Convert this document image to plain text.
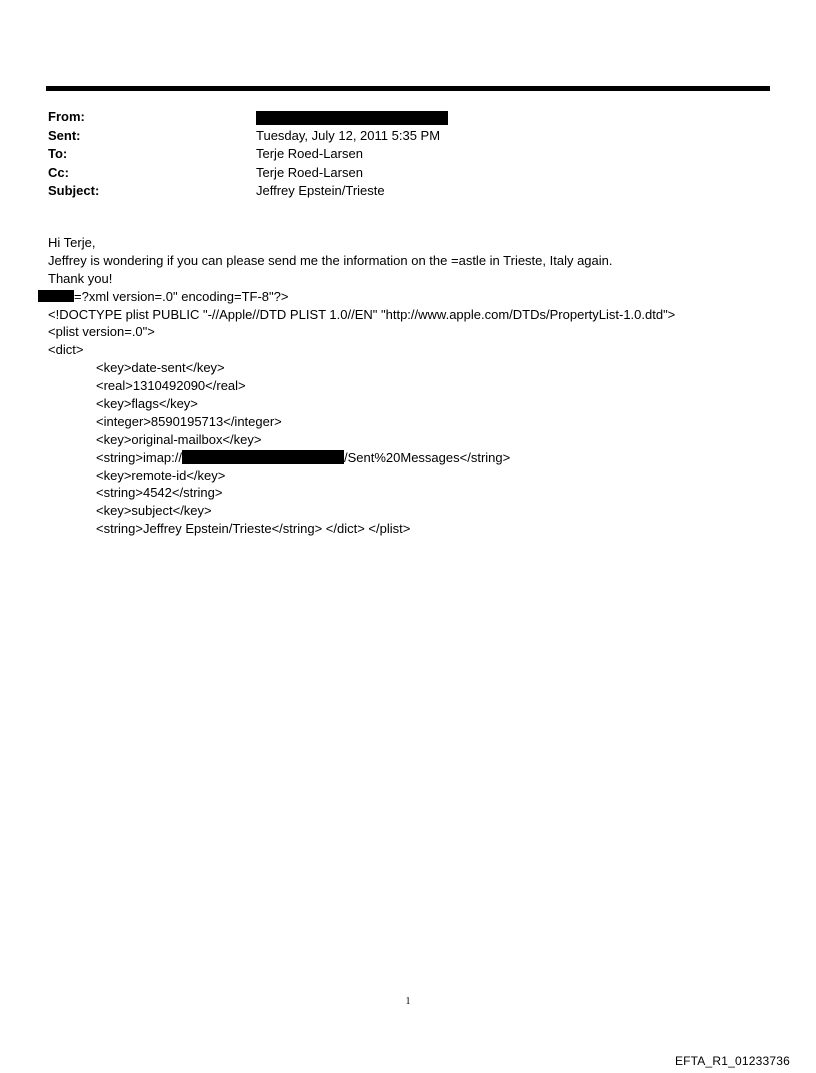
From:
Sent:	Tuesday, July 12, 2011 5:35 PM
To:	Terje Roed-Larsen
Cc:	Terje Roed-Larsen
Subject:	Jeffrey Epstein/Trieste
Hi Terje,
Jeffrey is wondering if you can please send me the information on the =astle in Trieste, Italy again.
Thank you!
=?xml version=.0" encoding=TF-8"?>
<!DOCTYPE plist PUBLIC "-//Apple//DTD PLIST 1.0//EN" "http://www.apple.com/DTDs/PropertyList-1.0.dtd">
<plist version=.0">
<dict>
<key>date-sent</key>
<real>1310492090</real>
<key>flags</key>
<integer>8590195713</integer>
<key>original-mailbox</key>
<string>imap://	/Sent%20Messages</string>
<key>remote-id</key>
<string>4542</string>
<key>subject</key>
<string>Jeffrey Epstein/Trieste</string> </dict> </plist>
1
EFTA_R1_01233736
